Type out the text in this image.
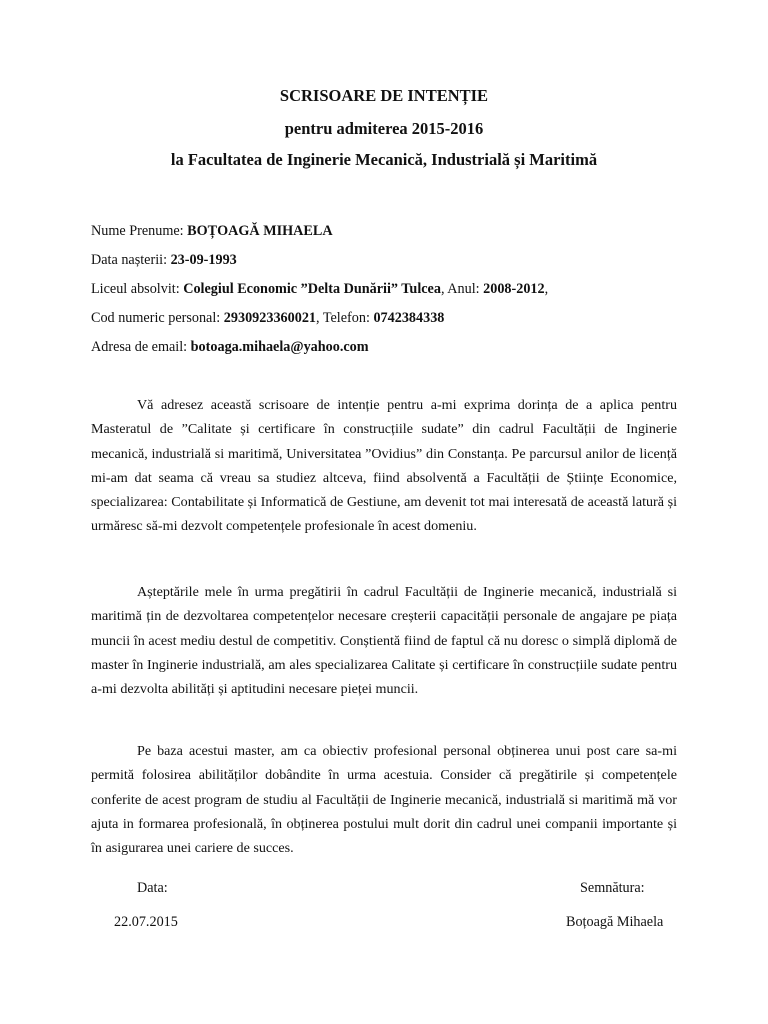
SCRISOARE DE INTENȚIE

pentru admiterea 2015-2016

la Facultatea de Inginerie Mecanică, Industrială și Maritimă

Nume Prenume: BOȚOAGĂ MIHAELA
Data nașterii: 23-09-1993
Liceul absolvit: Colegiul Economic ”Delta Dunării” Tulcea, Anul: 2008-2012,
Cod numeric personal: 2930923360021, Telefon: 0742384338
Adresa de email: botoaga.mihaela@yahoo.com

Vă adresez această scrisoare de intenție pentru a-mi exprima dorința de a aplica pentru Masteratul de ”Calitate și certificare în construcțiile sudate” din cadrul Facultății de Inginerie mecanică, industrială si maritimă, Universitatea ”Ovidius” din Constanța. Pe parcursul anilor de licență mi-am dat seama că vreau sa studiez altceva, fiind absolventă a Facultății de Științe Economice, specializarea: Contabilitate și Informatică de Gestiune, am devenit tot mai interesată de această latură și urmăresc să-mi dezvolt competențele profesionale în acest domeniu.

Așteptările mele în urma pregătirii în cadrul Facultății de Inginerie mecanică, industrială si maritimă țin de dezvoltarea competențelor necesare creșterii capacității personale de angajare pe piața muncii în acest mediu destul de competitiv. Conștientă fiind de faptul că nu doresc o simplă diplomă de master în Inginerie industrială, am ales specializarea Calitate și certificare în construcțiile sudate pentru a-mi dezvolta abilități și aptitudini necesare pieței muncii.

Pe baza acestui master, am ca obiectiv profesional personal obținerea unui post care sa-mi permită folosirea abilităților dobândite în urma acestuia. Consider că pregătirile și competențele conferite de acest program de studiu al Facultății de Inginerie mecanică, industrială si maritimă mă vor ajuta in formarea profesională, în obținerea postului mult dorit din cadrul unei companii importante și în asigurarea unei cariere de succes.

Data:
22.07.2015
Semnătura:
Boțoagă Mihaela
